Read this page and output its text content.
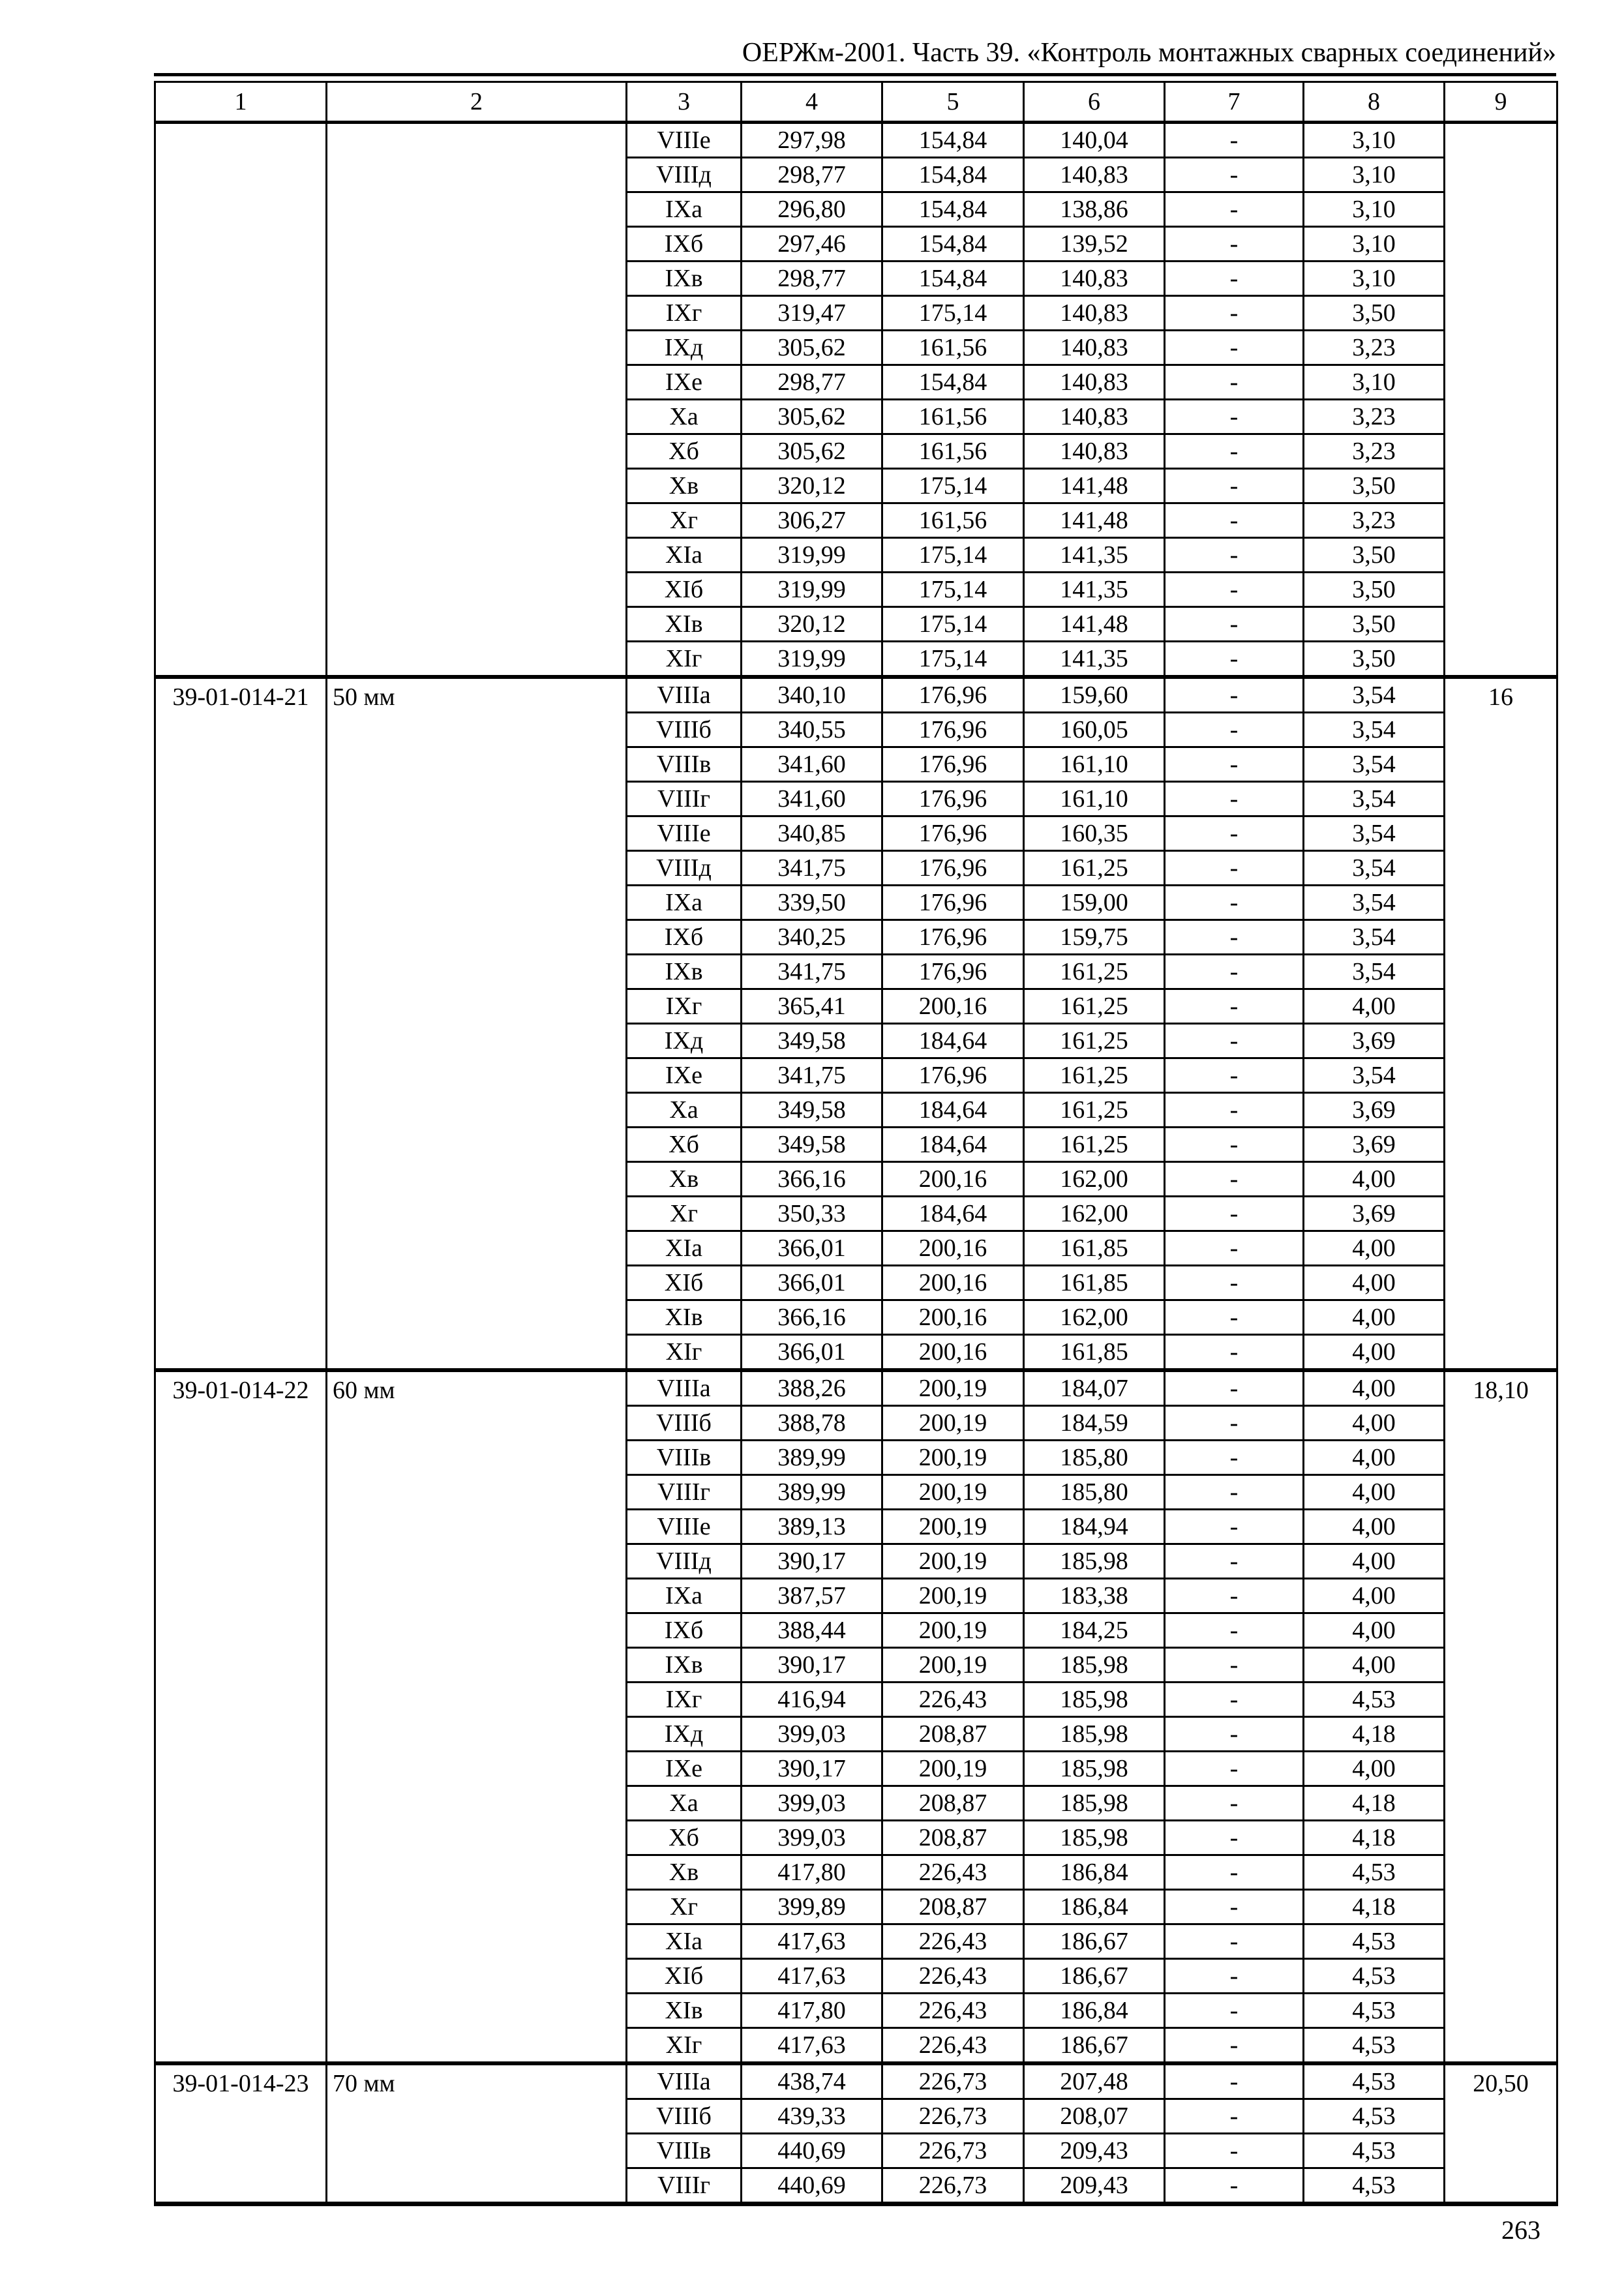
ОЕРЖм-2001. Часть 39. «Контроль монтажных сварных соединений»
1	2	3	4	5	6	7	8	9
		VIIIе	297,98	154,84	140,04	-	3,10	
		VIIIд	298,77	154,84	140,83	-	3,10	
		IXа	296,80	154,84	138,86	-	3,10	
		IXб	297,46	154,84	139,52	-	3,10	
		IXв	298,77	154,84	140,83	-	3,10	
		IXг	319,47	175,14	140,83	-	3,50	
		IXд	305,62	161,56	140,83	-	3,23	
		IXе	298,77	154,84	140,83	-	3,10	
		Xа	305,62	161,56	140,83	-	3,23	
		Xб	305,62	161,56	140,83	-	3,23	
		Xв	320,12	175,14	141,48	-	3,50	
		Xг	306,27	161,56	141,48	-	3,23	
		XIа	319,99	175,14	141,35	-	3,50	
		XIб	319,99	175,14	141,35	-	3,50	
		XIв	320,12	175,14	141,48	-	3,50	
		XIг	319,99	175,14	141,35	-	3,50	
39-01-014-21	50 мм	VIIIа	340,10	176,96	159,60	-	3,54	16
		VIIIб	340,55	176,96	160,05	-	3,54	
		VIIIв	341,60	176,96	161,10	-	3,54	
		VIIIг	341,60	176,96	161,10	-	3,54	
		VIIIе	340,85	176,96	160,35	-	3,54	
		VIIIд	341,75	176,96	161,25	-	3,54	
		IXа	339,50	176,96	159,00	-	3,54	
		IXб	340,25	176,96	159,75	-	3,54	
		IXв	341,75	176,96	161,25	-	3,54	
		IXг	365,41	200,16	161,25	-	4,00	
		IXд	349,58	184,64	161,25	-	3,69	
		IXе	341,75	176,96	161,25	-	3,54	
		Xа	349,58	184,64	161,25	-	3,69	
		Xб	349,58	184,64	161,25	-	3,69	
		Xв	366,16	200,16	162,00	-	4,00	
		Xг	350,33	184,64	162,00	-	3,69	
		XIа	366,01	200,16	161,85	-	4,00	
		XIб	366,01	200,16	161,85	-	4,00	
		XIв	366,16	200,16	162,00	-	4,00	
		XIг	366,01	200,16	161,85	-	4,00	
39-01-014-22	60 мм	VIIIа	388,26	200,19	184,07	-	4,00	18,10
		VIIIб	388,78	200,19	184,59	-	4,00	
		VIIIв	389,99	200,19	185,80	-	4,00	
		VIIIг	389,99	200,19	185,80	-	4,00	
		VIIIе	389,13	200,19	184,94	-	4,00	
		VIIIд	390,17	200,19	185,98	-	4,00	
		IXа	387,57	200,19	183,38	-	4,00	
		IXб	388,44	200,19	184,25	-	4,00	
		IXв	390,17	200,19	185,98	-	4,00	
		IXг	416,94	226,43	185,98	-	4,53	
		IXд	399,03	208,87	185,98	-	4,18	
		IXе	390,17	200,19	185,98	-	4,00	
		Xа	399,03	208,87	185,98	-	4,18	
		Xб	399,03	208,87	185,98	-	4,18	
		Xв	417,80	226,43	186,84	-	4,53	
		Xг	399,89	208,87	186,84	-	4,18	
		XIа	417,63	226,43	186,67	-	4,53	
		XIб	417,63	226,43	186,67	-	4,53	
		XIв	417,80	226,43	186,84	-	4,53	
		XIг	417,63	226,43	186,67	-	4,53	
39-01-014-23	70 мм	VIIIа	438,74	226,73	207,48	-	4,53	20,50
		VIIIб	439,33	226,73	208,07	-	4,53	
		VIIIв	440,69	226,73	209,43	-	4,53	
		VIIIг	440,69	226,73	209,43	-	4,53	
263
